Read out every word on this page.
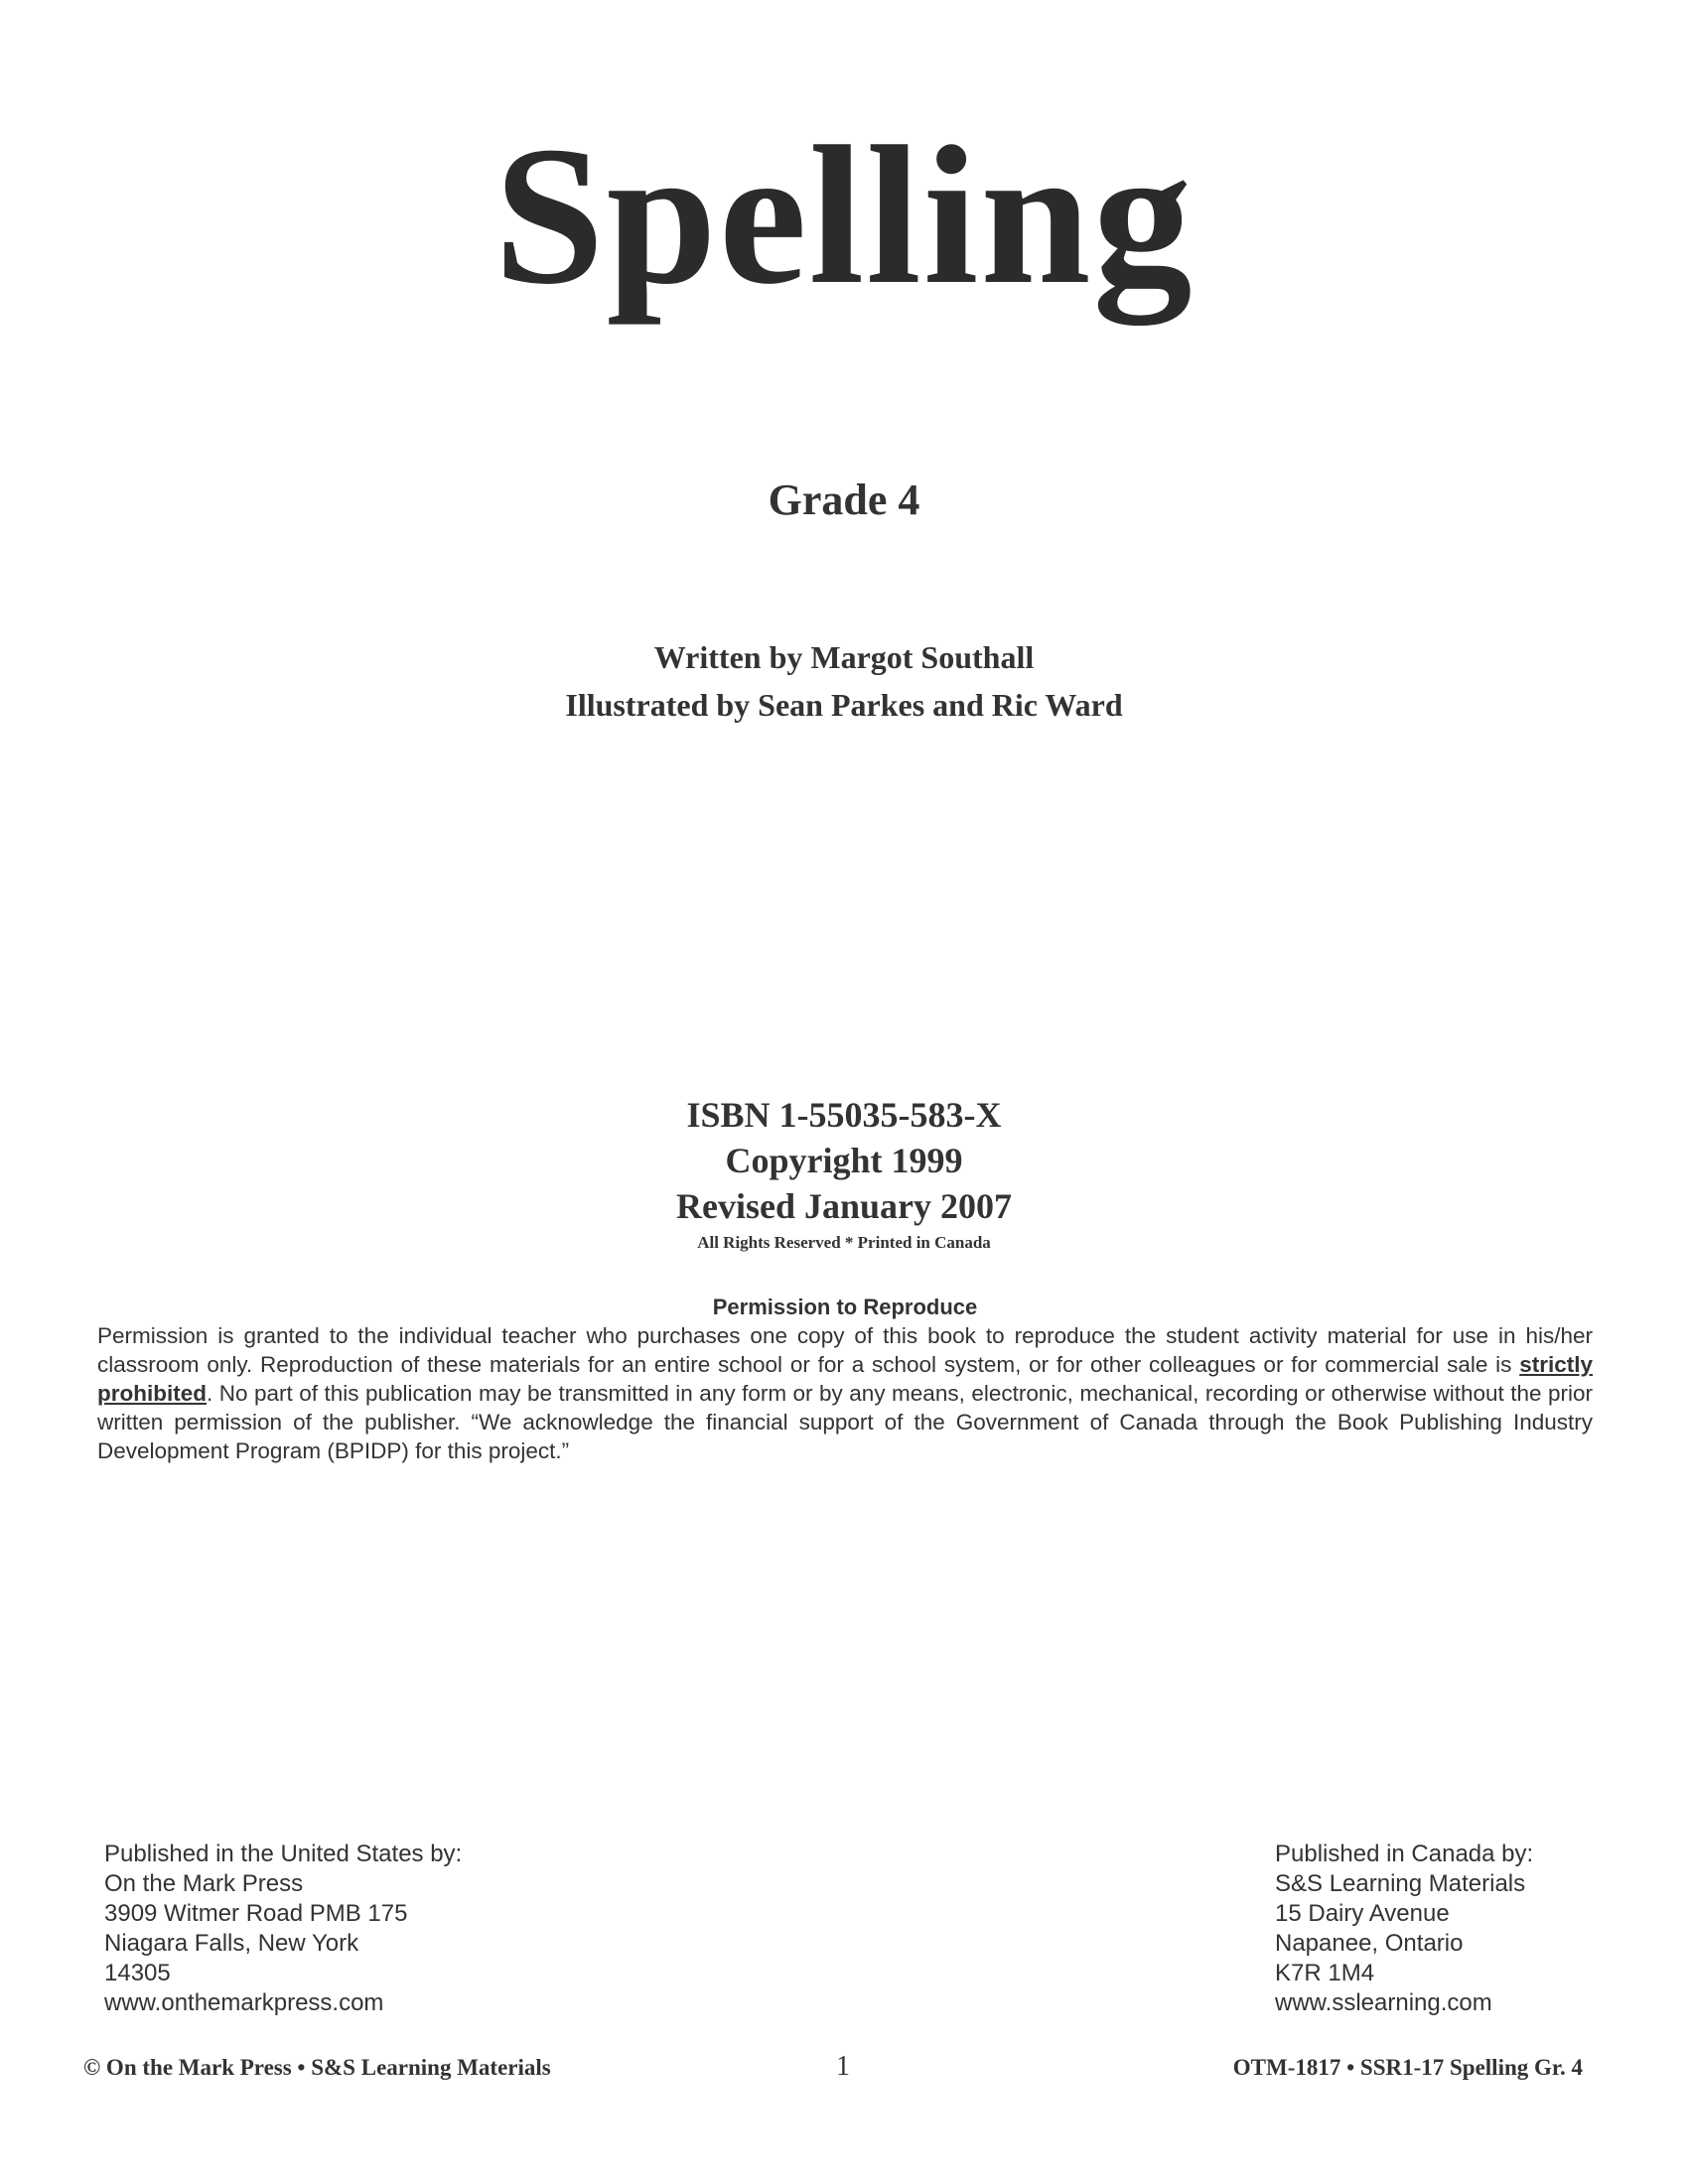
Spelling
Grade 4
Written by Margot Southall
Illustrated by Sean Parkes and Ric Ward
ISBN 1-55035-583-X
Copyright 1999
Revised January 2007
All Rights Reserved * Printed in Canada
Permission to Reproduce
Permission is granted to the individual teacher who purchases one copy of this book to reproduce the student activity material for use in his/her classroom only. Reproduction of these materials for an entire school or for a school system, or for other colleagues or for commercial sale is strictly prohibited. No part of this publication may be transmitted in any form or by any means, electronic, mechanical, recording or otherwise without the prior written permission of the publisher. “We acknowledge the financial support of the Government of Canada through the Book Publishing Industry Development Program (BPIDP) for this project.”
Published in the United States by:
On the Mark Press
3909 Witmer Road PMB 175
Niagara Falls, New York
14305
www.onthemarkpress.com
Published in Canada by:
S&S Learning Materials
15 Dairy Avenue
Napanee, Ontario
K7R 1M4
www.sslearning.com
© On the Mark Press • S&S Learning Materials	1	OTM-1817 • SSR1-17 Spelling Gr. 4
